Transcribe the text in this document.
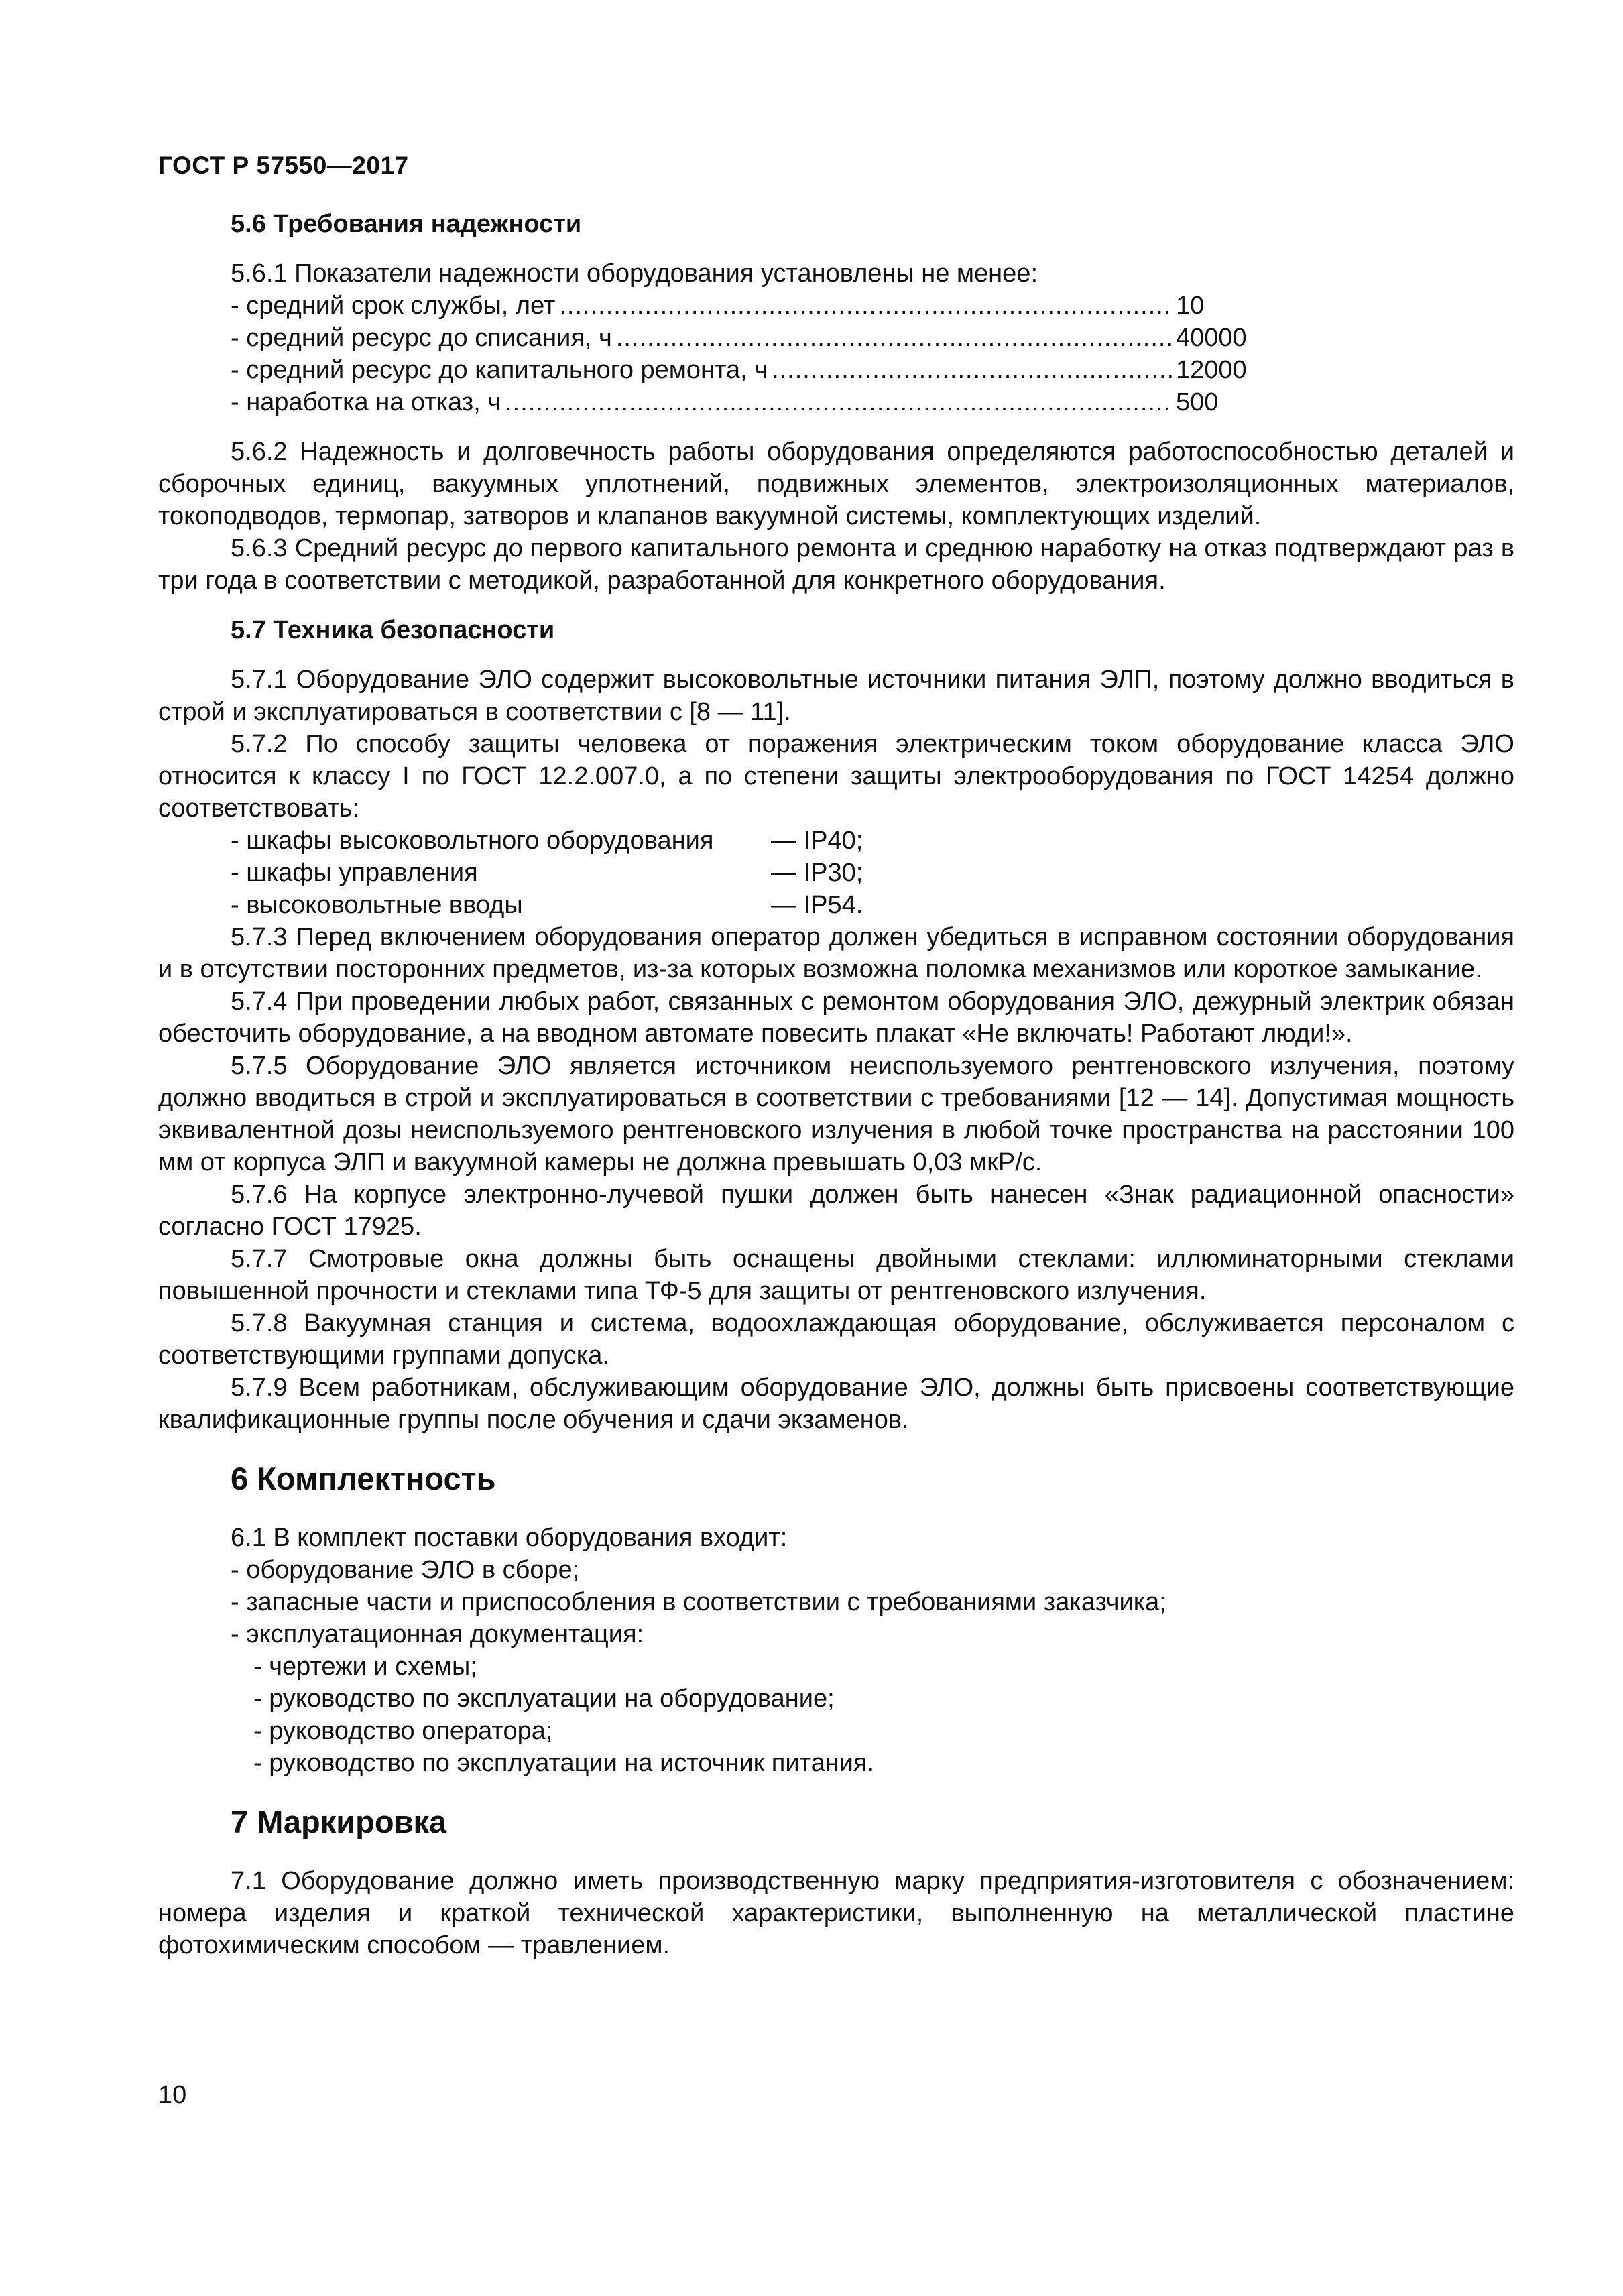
ГОСТ Р 57550—2017

5.6 Требования надежности

5.6.1 Показатели надежности оборудования установлены не менее:

- средний срок службы, лет .....	10
- средний ресурс до списания, ч .....	40000
- средний ресурс до капитального ремонта, ч .....	12000
- наработка на отказ, ч .....	500

5.6.2 Надежность и долговечность работы оборудования определяются работоспособностью деталей и сборочных единиц, вакуумных уплотнений, подвижных элементов, электроизоляционных материалов, токоподводов, термопар, затворов и клапанов вакуумной системы, комплектующих изделий.

5.6.3 Средний ресурс до первого капитального ремонта и среднюю наработку на отказ подтверждают раз в три года в соответствии с методикой, разработанной для конкретного оборудования.

5.7 Техника безопасности

5.7.1 Оборудование ЭЛО содержит высоковольтные источники питания ЭЛП, поэтому должно вводиться в строй и эксплуатироваться в соответствии с [8 — 11].

5.7.2 По способу защиты человека от поражения электрическим током оборудование класса ЭЛО относится к классу I по ГОСТ 12.2.007.0, а по степени защиты электрооборудования по ГОСТ 14254 должно соответствовать:

- шкафы высоковольтного оборудования	— IP40;
- шкафы управления	— IP30;
- высоковольтные вводы	— IP54.

5.7.3 Перед включением оборудования оператор должен убедиться в исправном состоянии оборудования и в отсутствии посторонних предметов, из-за которых возможна поломка механизмов или короткое замыкание.

5.7.4 При проведении любых работ, связанных с ремонтом оборудования ЭЛО, дежурный электрик обязан обесточить оборудование, а на вводном автомате повесить плакат «Не включать! Работают люди!».

5.7.5 Оборудование ЭЛО является источником неиспользуемого рентгеновского излучения, поэтому должно вводиться в строй и эксплуатироваться в соответствии с требованиями [12 — 14]. Допустимая мощность эквивалентной дозы неиспользуемого рентгеновского излучения в любой точке пространства на расстоянии 100 мм от корпуса ЭЛП и вакуумной камеры не должна превышать 0,03 мкР/с.

5.7.6 На корпусе электронно-лучевой пушки должен быть нанесен «Знак радиационной опасности» согласно ГОСТ 17925.

5.7.7 Смотровые окна должны быть оснащены двойными стеклами: иллюминаторными стеклами повышенной прочности и стеклами типа ТФ-5 для защиты от рентгеновского излучения.

5.7.8 Вакуумная станция и система, водоохлаждающая оборудование, обслуживается персоналом с соответствующими группами допуска.

5.7.9 Всем работникам, обслуживающим оборудование ЭЛО, должны быть присвоены соответствующие квалификационные группы после обучения и сдачи экзаменов.

6 Комплектность

6.1 В комплект поставки оборудования входит:

- оборудование ЭЛО в сборе;

- запасные части и приспособления в соответствии с требованиями заказчика;

- эксплуатационная документация:

- чертежи и схемы;

- руководство по эксплуатации на оборудование;

- руководство оператора;

- руководство по эксплуатации на источник питания.

7 Маркировка

7.1 Оборудование должно иметь производственную марку предприятия-изготовителя с обозначением: номера изделия и краткой технической характеристики, выполненную на металлической пластине фотохимическим способом — травлением.

10
